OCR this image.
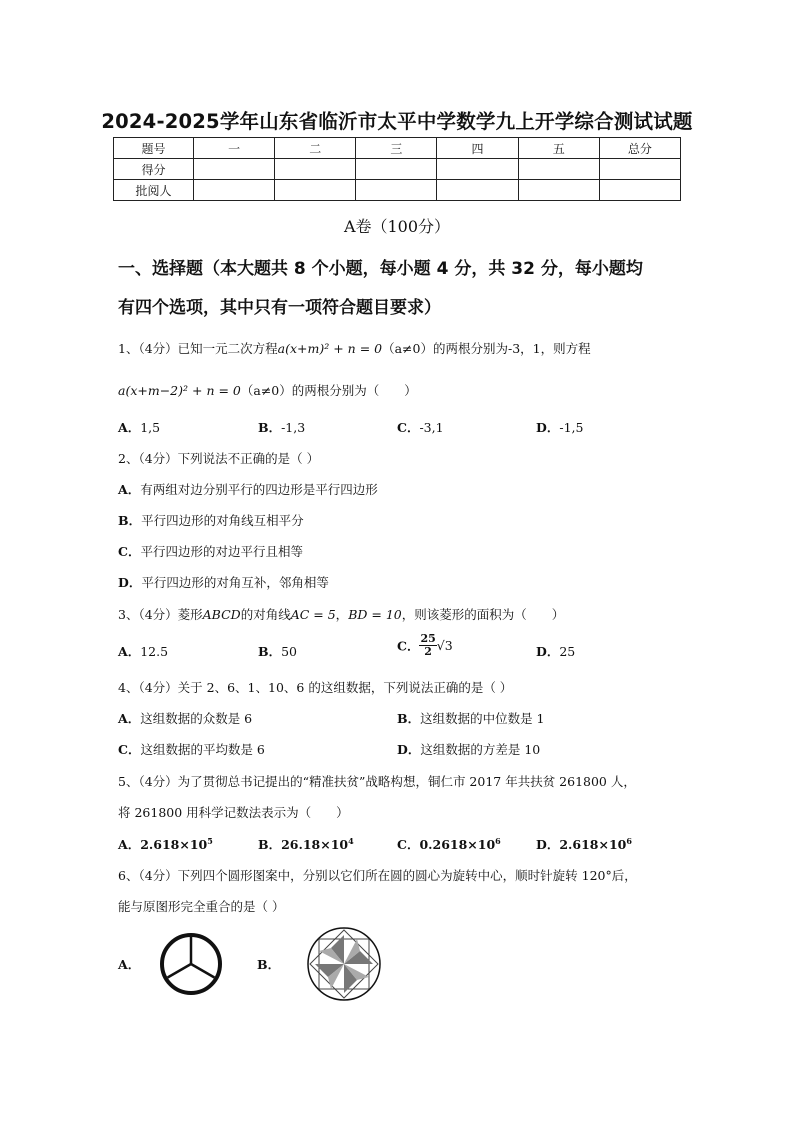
2024-2025学年山东省临沂市太平中学数学九上开学综合测试试题
题号	一	二	三	四	五	总分
得分						
批阅人						
A卷（100分）
一、选择题（本大题共 8 个小题，每小题 4 分，共 32 分，每小题均
有四个选项，其中只有一项符合题目要求）
1、（4分）已知一元二次方程a(x+m)² + n = 0（a≠0）的两根分别为-3，1，则方程
a(x+m−2)² + n = 0（a≠0）的两根分别为（　　）
A．1,5	B．-1,3	C．-3,1	D．-1,5
2、（4分）下列说法不正确的是（ ）
A．有两组对边分别平行的四边形是平行四边形
B．平行四边形的对角线互相平分
C．平行四边形的对边平行且相等
D．平行四边形的对角互补，邻角相等
3、（4分）菱形ABCD的对角线AC = 5，BD = 10，则该菱形的面积为（　　）
A．12.5	B．50	C． $\frac{25}{2} √3$	D．25
4、（4分）关于 2、6、1、10、6 的这组数据，下列说法正确的是（ ）
A．这组数据的众数是 6	B．这组数据的中位数是 1
C．这组数据的平均数是 6	D．这组数据的方差是 10
5、（4分）为了贯彻总书记提出的“精准扶贫”战略构想，铜仁市 2017 年共扶贫 261800 人，
将 261800 用科学记数法表示为（　　）
A．$2.618\times 10^5$	B．$26.18\times 10^4$	C．$0.2618\times 10^6$	D．$2.618\times 10^6$
6、（4分）下列四个圆形图案中，分别以它们所在圆的圆心为旋转中心，顺时针旋转 120°后，
能与原图形完全重合的是（ ）
A．	B．
